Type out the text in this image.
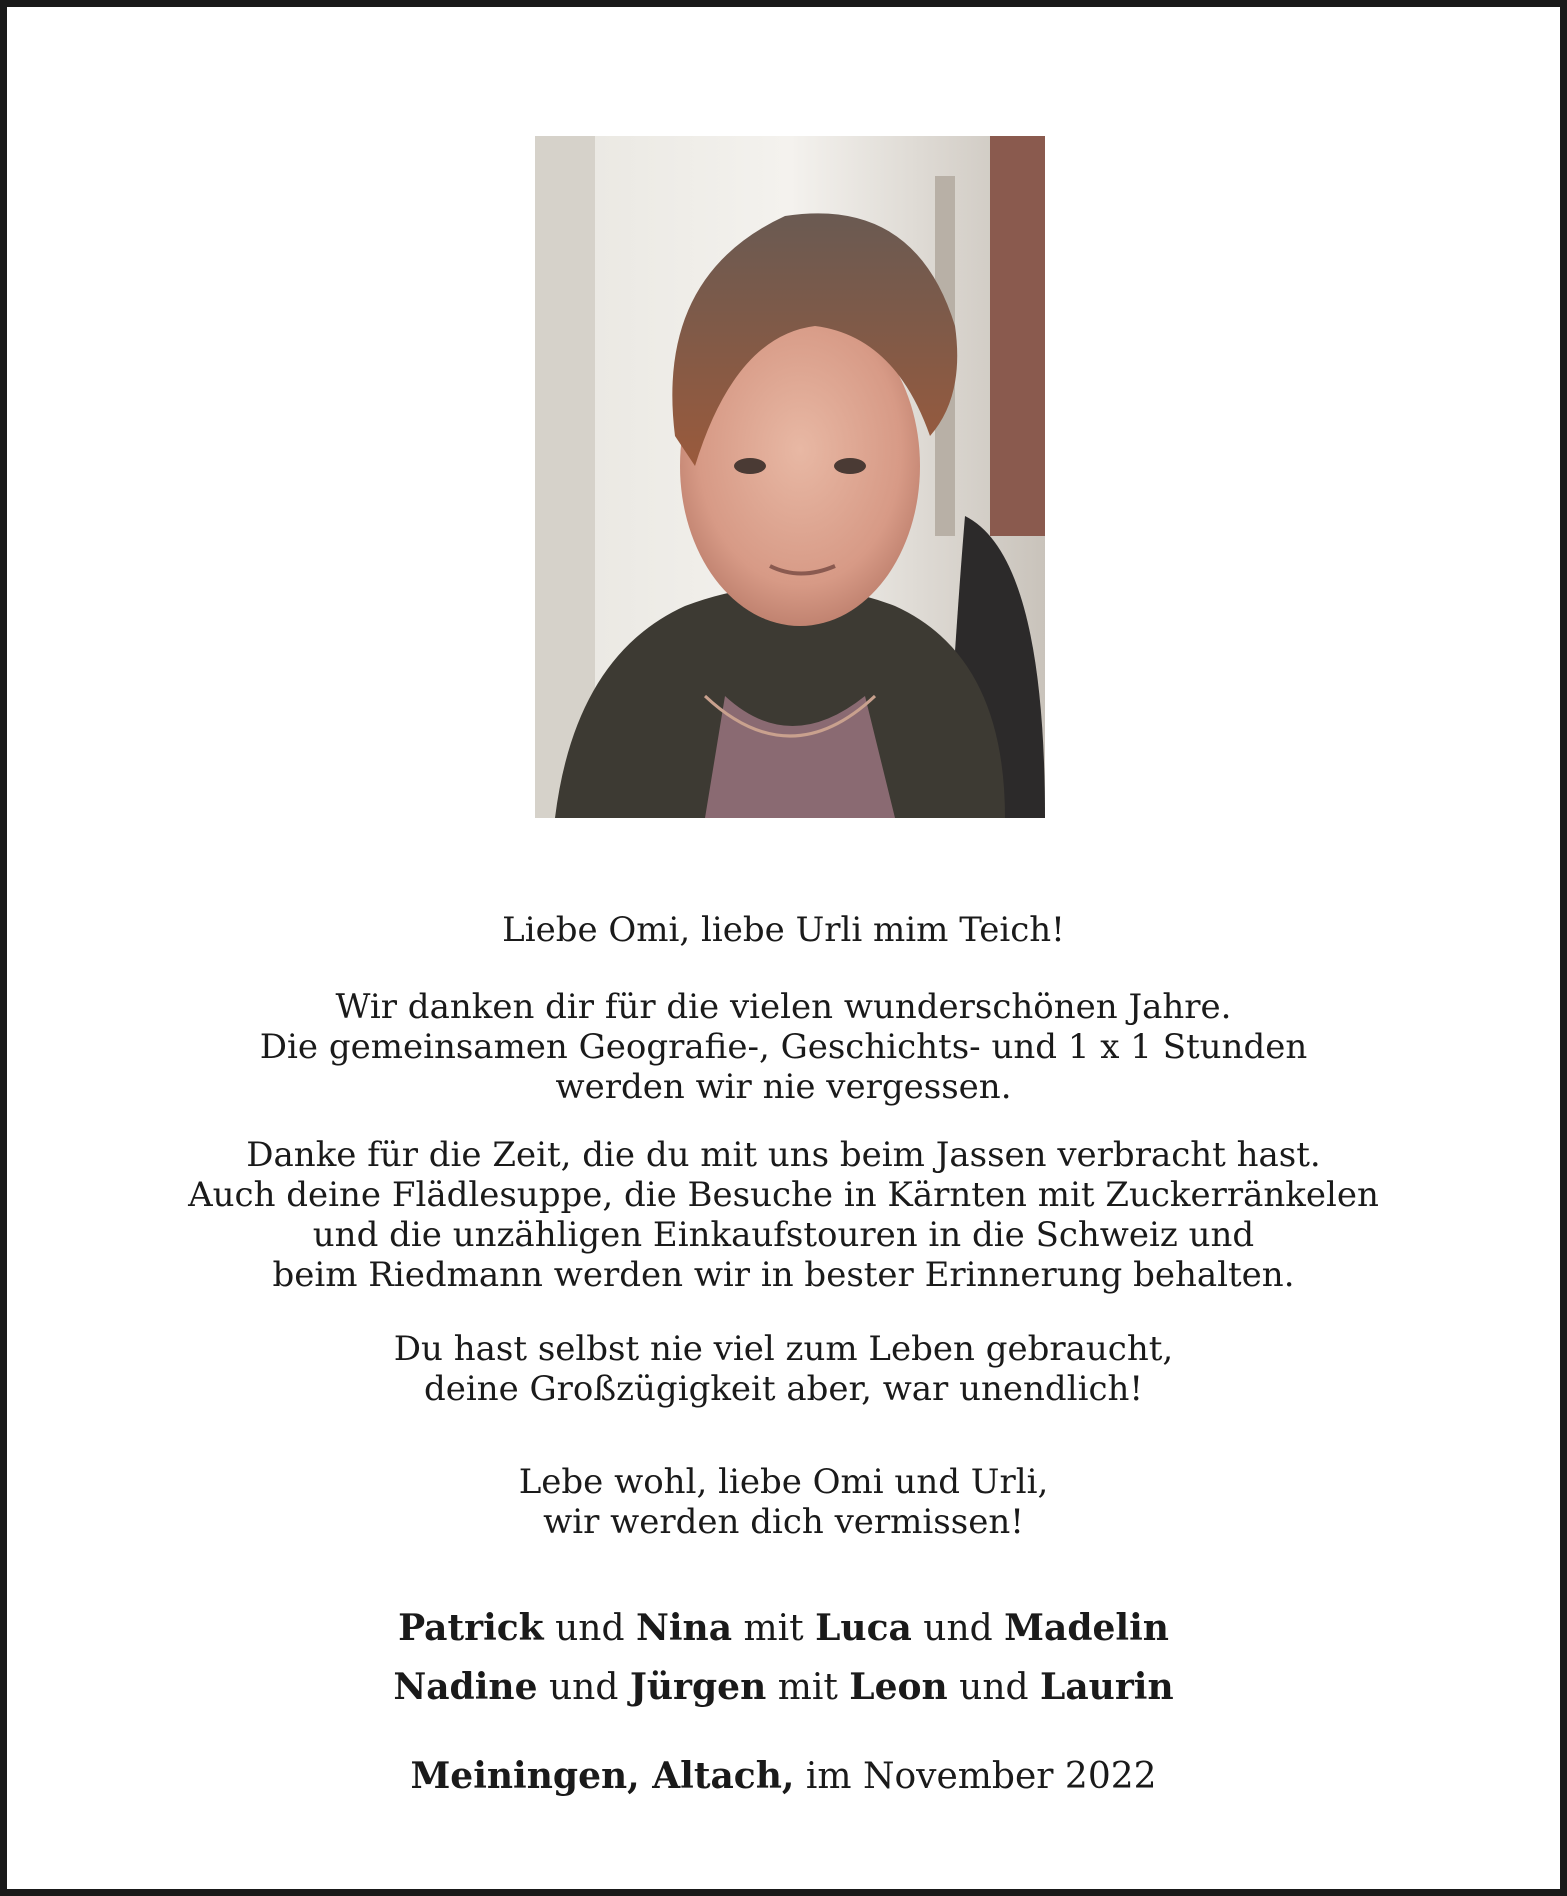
Liebe Omi, liebe Urli mim Teich!
Wir danken dir für die vielen wunderschönen Jahre.
Die gemeinsamen Geografie-, Geschichts- und 1 x 1 Stunden
werden wir nie vergessen.
Danke für die Zeit, die du mit uns beim Jassen verbracht hast.
Auch deine Flädlesuppe, die Besuche in Kärnten mit Zuckerränkelen
und die unzähligen Einkaufstouren in die Schweiz und
beim Riedmann werden wir in bester Erinnerung behalten.
Du hast selbst nie viel zum Leben gebraucht,
deine Großzügigkeit aber, war unendlich!
Lebe wohl, liebe Omi und Urli,
wir werden dich vermissen!
Patrick und Nina mit Luca und Madelin
Nadine und Jürgen mit Leon und Laurin
Meiningen, Altach, im November 2022
